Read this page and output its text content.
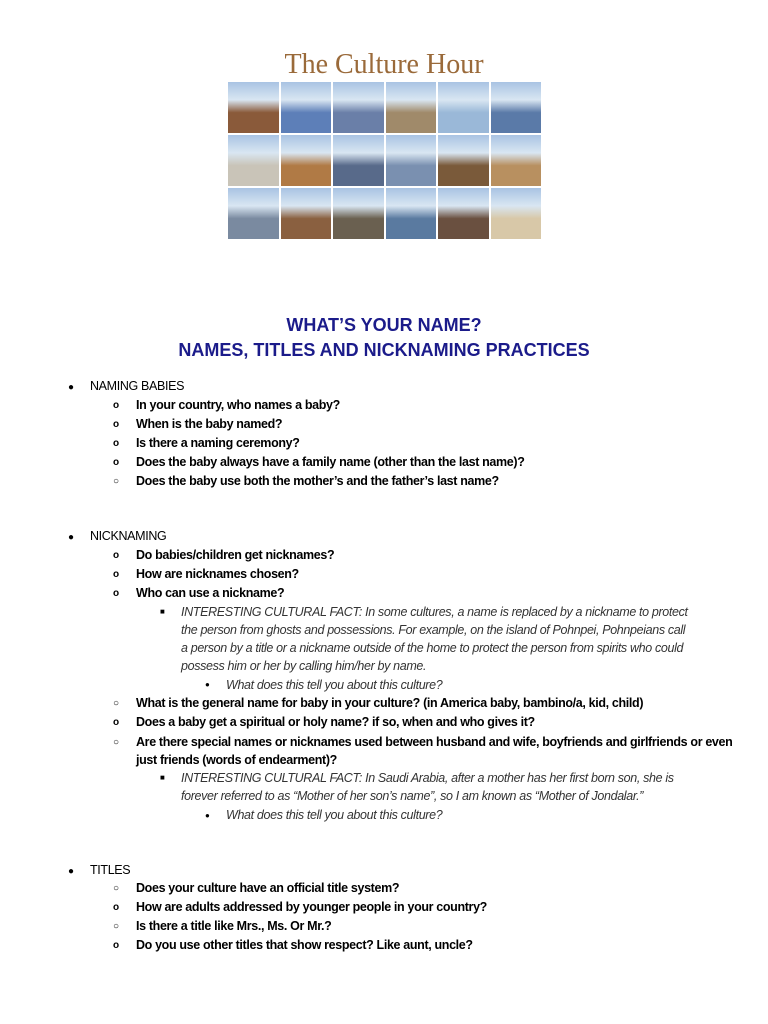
The Culture Hour
WHAT’S YOUR NAME?
NAMES, TITLES AND NICKNAMING PRACTICES
● NAMING BABIES
o In your country, who names a baby?
o When is the baby named?
o Is there a naming ceremony?
o Does the baby always have a family name (other than the last name)?
○ Does the baby use both the mother’s and the father’s last name?
● NICKNAMING
o Do babies/children get nicknames?
o How are nicknames chosen?
o Who can use a nickname?
■ INTERESTING CULTURAL FACT: In some cultures, a name is replaced by a nickname to protect
the person from ghosts and possessions. For example, on the island of Pohnpei, Pohnpeians call
a person by a title or a nickname outside of the home to protect the person from spirits who could
possess him or her by calling him/her by name.
● What does this tell you about this culture?
○ What is the general name for baby in your culture? (in America baby, bambino/a, kid, child)
o Does a baby get a spiritual or holy name? if so, when and who gives it?
○ Are there special names or nicknames used between husband and wife, boyfriends and girlfriends or even
just friends (words of endearment)?
■ INTERESTING CULTURAL FACT: In Saudi Arabia, after a mother has her first born son, she is
forever referred to as “Mother of her son’s name”, so I am known as “Mother of Jondalar.”
● What does this tell you about this culture?
● TITLES
○ Does your culture have an official title system?
o How are adults addressed by younger people in your country?
○ Is there a title like Mrs., Ms. Or Mr.?
o Do you use other titles that show respect? Like aunt, uncle?
